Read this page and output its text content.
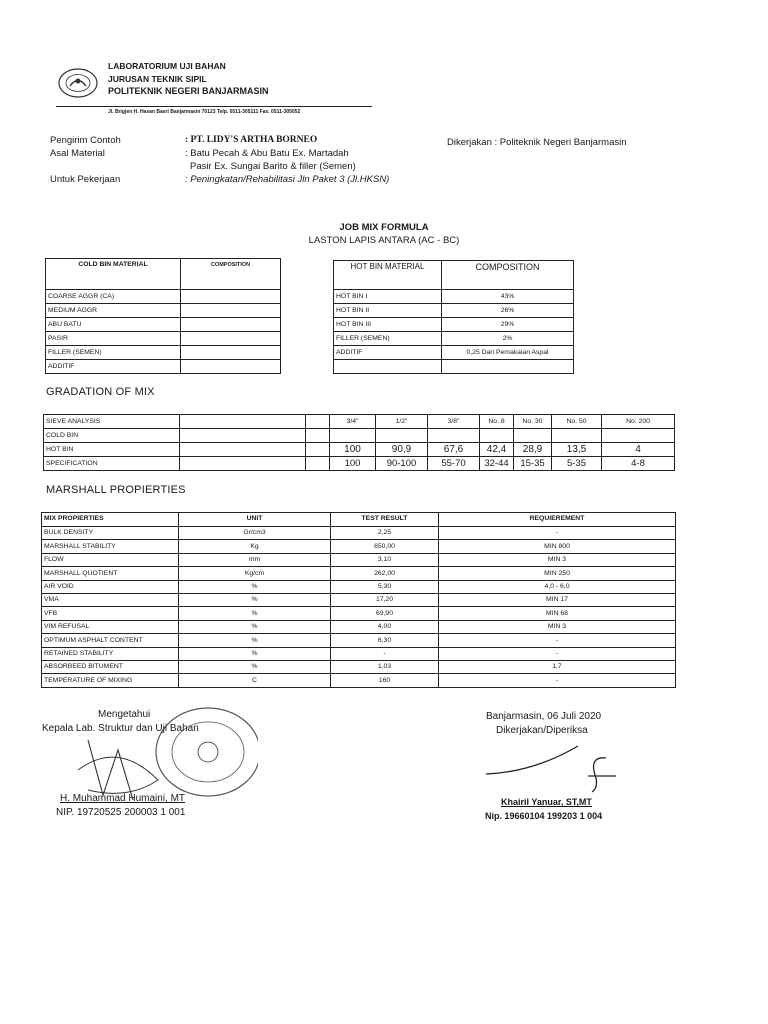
LABORATORIUM UJI BAHAN
JURUSAN TEKNIK SIPIL
POLITEKNIK NEGERI BANJARMASIN
Jl. Brigjen H. Hasan Basri Banjarmasin 70123 Telp. 0511-305111 Fax. 0511-305052
Pengirim Contoh	: PT. LIDY'S ARTHA BORNEO
Asal Material	: Batu Pecah & Abu Batu Ex. Martadah
Pasir Ex. Sungai Barito & filler (Semen)
Untuk Pekerjaan	: Peningkatan/Rehabilitasi Jln Paket 3 (Jl.HKSN)
Dikerjakan : Politeknik Negeri Banjarmasin
JOB MIX FORMULA
LASTON LAPIS ANTARA (AC - BC)
COLD BIN MATERIAL	COMPOSITION
COARSE AGGR (CA)	
MEDIUM AGGR	
ABU BATU	
PASIR	
FILLER (SEMEN)	
ADDITIF	
HOT BIN MATERIAL	COMPOSITION
HOT BIN I	43%
HOT BIN II	26%
HOT BIN III	29%
FILLER (SEMEN)	2%
ADDITIF	0,25 Dari Pemakaian Aspal

GRADATION OF MIX
SIEVE ANALYSIS			3/4"	1/2"	3/8"	No. 8	No. 30	No. 50	No. 200
COLD BIN									
HOT BIN			100	90,9	67,6	42,4	28,9	13,5	4
SPECIFICATION			100	90-100	55-70	32-44	15-35	5-35	4-8
MARSHALL PROPIERTIES
MIX PROPIERTIES	UNIT	TEST RESULT	REQUIEREMENT
BULK DENSITY	Gr/cm3	2,25	-
MARSHALL STABILITY	Kg	650,00	MIN 800
FLOW	mm	3,10	MIN 3
MARSHALL QUOTIENT	Kg/cm	262,00	MIN 250
AIR VOID	%	5,30	4,0 - 6,0
VMA	%	17,20	MIN 17
VFB	%	69,90	MIN 68
VIM REFUSAL	%	4,00	MIN 3
OPTIMUM ASPHALT CONTENT	%	6,30	-
RETAINED STABILITY	%	-	-
ABSORBEED BITUMENT	%	1,03	1,7
TEMPERATURE OF MIXING	C	160	-
Mengetahui
Kepala Lab. Struktur dan Uji Bahan
H. Muhammad Humaini, MT
NIP. 19720525 200003 1 001
Banjarmasin, 06 Juli 2020
Dikerjakan/Diperiksa
Khairil Yanuar, ST,MT
Nip. 19660104 199203 1 004
